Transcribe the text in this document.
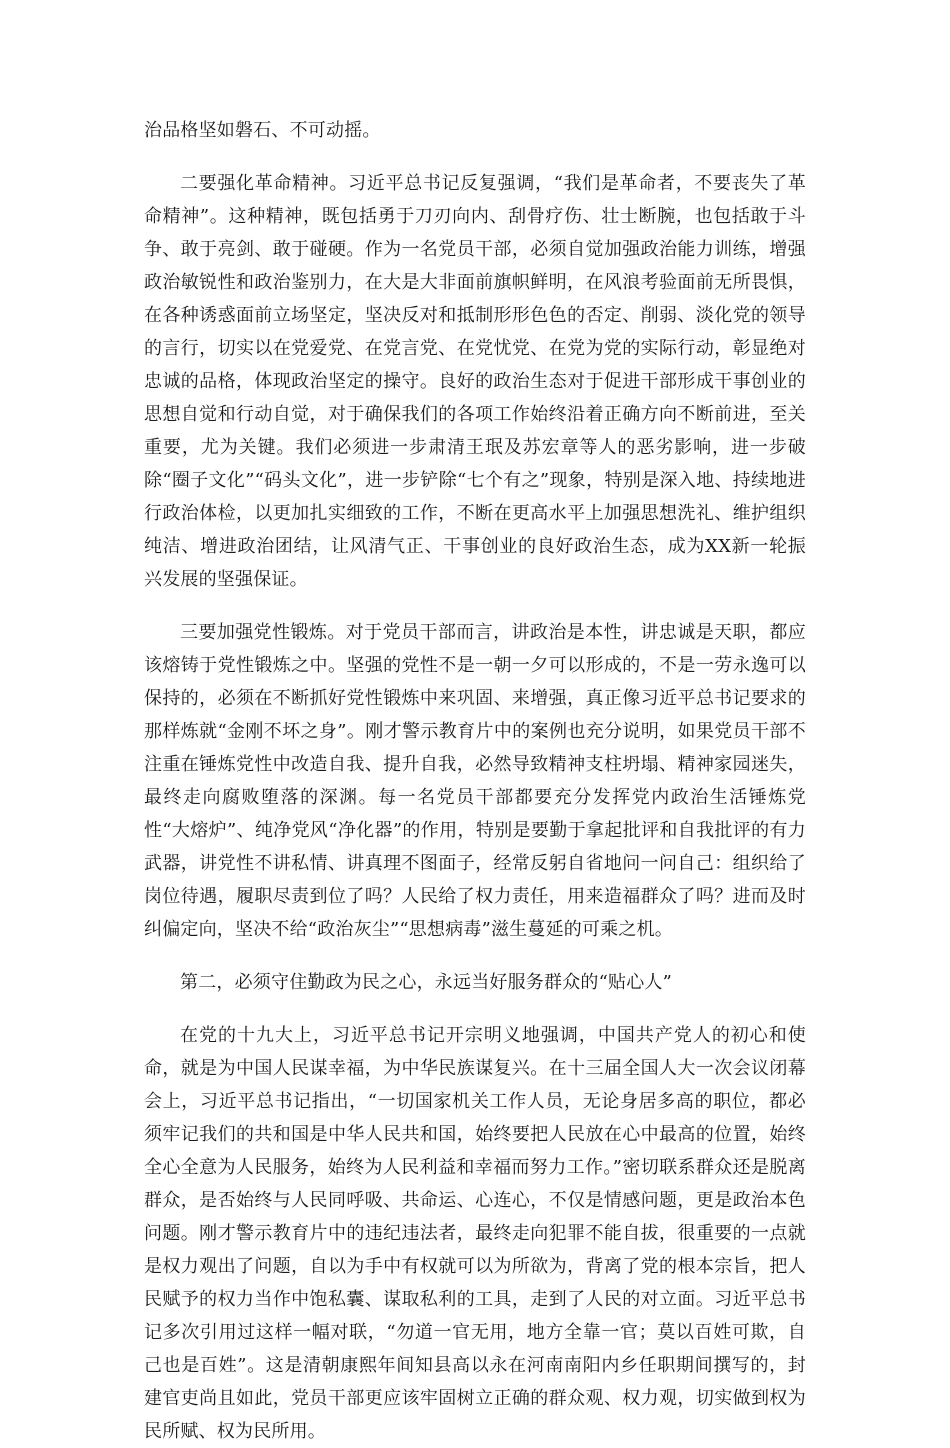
治品格坚如磐石、不可动摇。

二要强化革命精神。习近平总书记反复强调，“我们是革命者，不要丧失了革命精神”。这种精神，既包括勇于刀刃向内、刮骨疗伤、壮士断腕，也包括敢于斗争、敢于亮剑、敢于碰硬。作为一名党员干部，必须自觉加强政治能力训练，增强政治敏锐性和政治鉴别力，在大是大非面前旗帜鲜明，在风浪考验面前无所畏惧，在各种诱惑面前立场坚定，坚决反对和抵制形形色色的否定、削弱、淡化党的领导的言行，切实以在党爱党、在党言党、在党忧党、在党为党的实际行动，彰显绝对忠诚的品格，体现政治坚定的操守。良好的政治生态对于促进干部形成干事创业的思想自觉和行动自觉，对于确保我们的各项工作始终沿着正确方向不断前进，至关重要，尤为关键。我们必须进一步肃清王珉及苏宏章等人的恶劣影响，进一步破除“圈子文化”“码头文化”，进一步铲除“七个有之”现象，特别是深入地、持续地进行政治体检，以更加扎实细致的工作，不断在更高水平上加强思想洗礼、维护组织纯洁、增进政治团结，让风清气正、干事创业的良好政治生态，成为XX新一轮振兴发展的坚强保证。

三要加强党性锻炼。对于党员干部而言，讲政治是本性，讲忠诚是天职，都应该熔铸于党性锻炼之中。坚强的党性不是一朝一夕可以形成的，不是一劳永逸可以保持的，必须在不断抓好党性锻炼中来巩固、来增强，真正像习近平总书记要求的那样炼就“金刚不坏之身”。刚才警示教育片中的案例也充分说明，如果党员干部不注重在锤炼党性中改造自我、提升自我，必然导致精神支柱坍塌、精神家园迷失，最终走向腐败堕落的深渊。每一名党员干部都要充分发挥党内政治生活锤炼党性“大熔炉”、纯净党风“净化器”的作用，特别是要勤于拿起批评和自我批评的有力武器，讲党性不讲私情、讲真理不图面子，经常反躬自省地问一问自己：组织给了岗位待遇，履职尽责到位了吗？人民给了权力责任，用来造福群众了吗？进而及时纠偏定向，坚决不给“政治灰尘”“思想病毒”滋生蔓延的可乘之机。

第二，必须守住勤政为民之心，永远当好服务群众的“贴心人”

在党的十九大上，习近平总书记开宗明义地强调，中国共产党人的初心和使命，就是为中国人民谋幸福，为中华民族谋复兴。在十三届全国人大一次会议闭幕会上，习近平总书记指出，“一切国家机关工作人员，无论身居多高的职位，都必须牢记我们的共和国是中华人民共和国，始终要把人民放在心中最高的位置，始终全心全意为人民服务，始终为人民利益和幸福而努力工作。”密切联系群众还是脱离群众，是否始终与人民同呼吸、共命运、心连心，不仅是情感问题，更是政治本色问题。刚才警示教育片中的违纪违法者，最终走向犯罪不能自拔，很重要的一点就是权力观出了问题，自以为手中有权就可以为所欲为，背离了党的根本宗旨，把人民赋予的权力当作中饱私囊、谋取私利的工具，走到了人民的对立面。习近平总书记多次引用过这样一幅对联，“勿道一官无用，地方全靠一官；莫以百姓可欺，自己也是百姓”。这是清朝康熙年间知县高以永在河南南阳内乡任职期间撰写的，封建官吏尚且如此，党员干部更应该牢固树立正确的群众观、权力观，切实做到权为民所赋、权为民所用。
